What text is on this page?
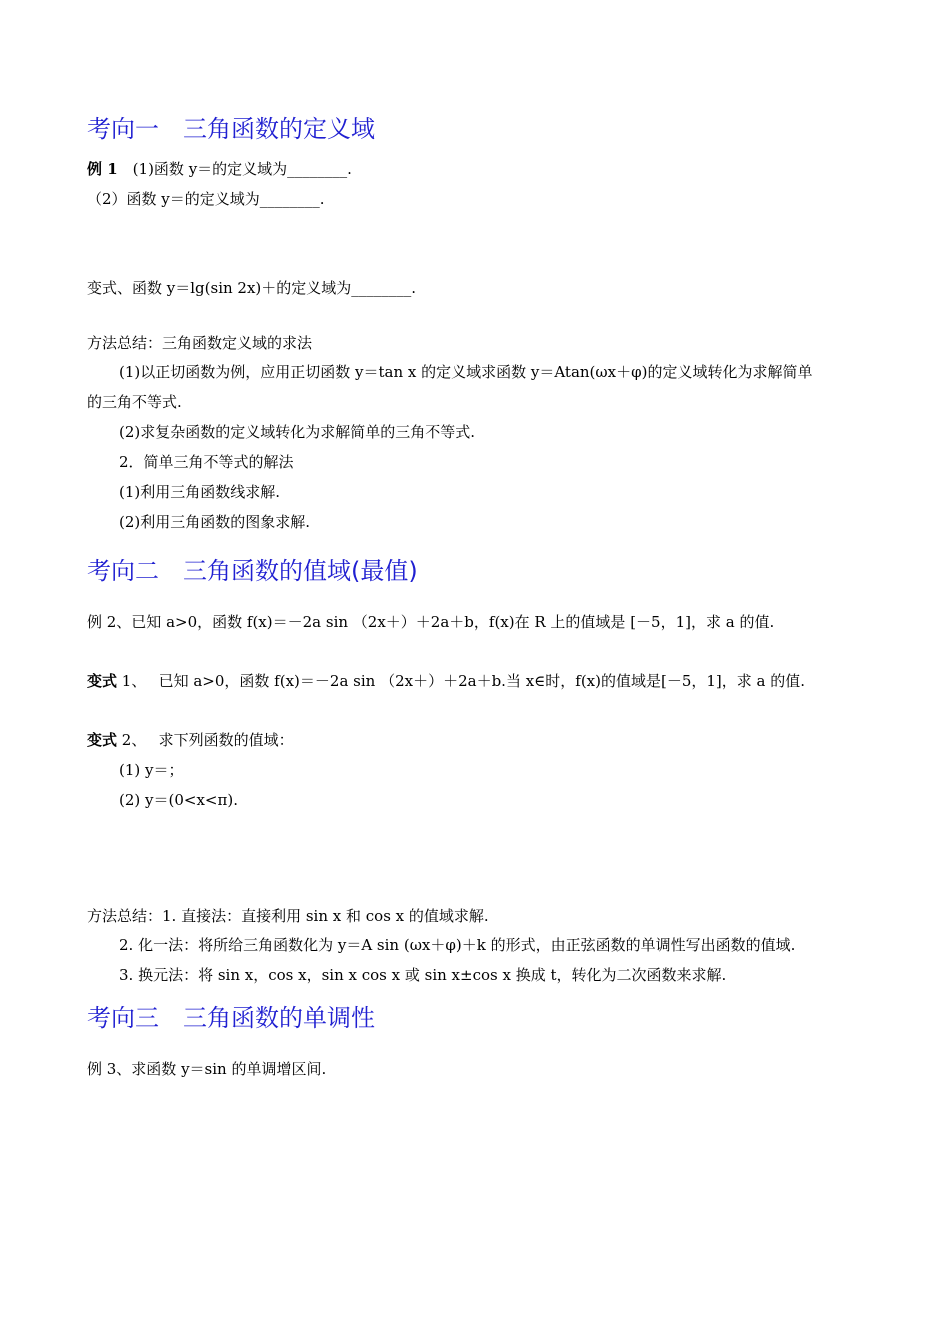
考向一　三角函数的定义域
例 1　(1)函数 y＝的定义域为________.
（2）函数 y＝的定义域为________.
变式、函数 y＝lg(sin 2x)＋的定义域为________.
方法总结：三角函数定义域的求法
(1)以正切函数为例，应用正切函数 y＝tan x 的定义域求函数 y＝Atan(ωx＋φ)的定义域转化为求解简单
的三角不等式.
(2)求复杂函数的定义域转化为求解简单的三角不等式.
2．简单三角不等式的解法
(1)利用三角函数线求解.
(2)利用三角函数的图象求解.
考向二　三角函数的值域(最值)
例 2、已知 a>0，函数 f(x)＝－2a sin （2x＋）＋2a＋b，f(x)在 R 上的值域是 [－5，1]，求 a 的值.
变式 1、　 已知 a>0，函数 f(x)＝－2a sin （2x＋）＋2a＋b.当 x∈时，f(x)的值域是[－5，1]，求 a 的值.
变式 2、　 求下列函数的值域：
(1) y＝；
(2) y＝(0<x<π).
方法总结：1. 直接法：直接利用 sin x 和 cos x 的值域求解.
2. 化一法：将所给三角函数化为 y＝A sin (ωx＋φ)＋k 的形式，由正弦函数的单调性写出函数的值域.
3. 换元法：将 sin x，cos x，sin x cos x 或 sin x±cos x 换成 t，转化为二次函数来求解.
考向三　三角函数的单调性
例 3、求函数 y＝sin 的单调增区间.
